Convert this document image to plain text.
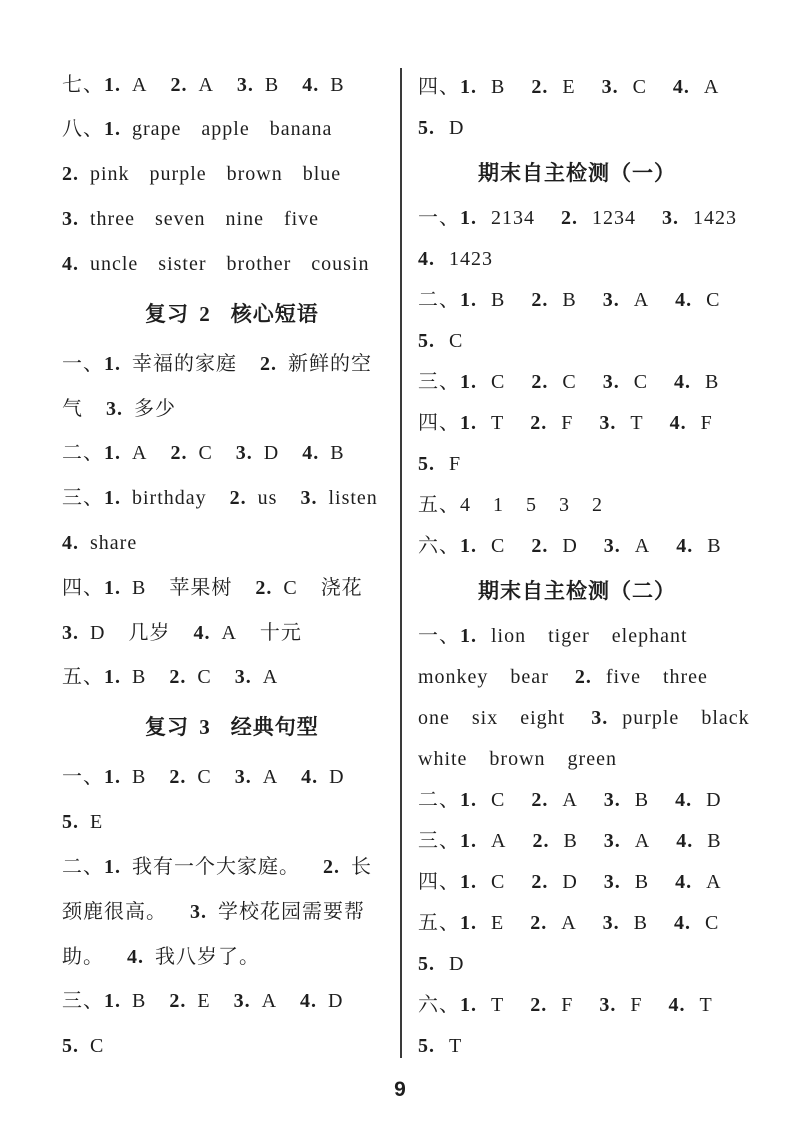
七、1. A 2. A 3. B 4. B
八、1. grape apple banana
2. pink purple brown blue
3. three seven nine five
4. uncle sister brother cousin
复习 2 核心短语
一、1. 幸福的家庭 2. 新鲜的空
气 3. 多少
二、1. A 2. C 3. D 4. B
三、1. birthday 2. us 3. listen
4. share
四、1. B 苹果树 2. C 浇花
3. D 几岁 4. A 十元
五、1. B 2. C 3. A
复习 3 经典句型
一、1. B 2. C 3. A 4. D
5. E
二、1. 我有一个大家庭。 2. 长
颈鹿很高。 3. 学校花园需要帮
助。 4. 我八岁了。
三、1. B 2. E 3. A 4. D
5. C
四、1. B 2. E 3. C 4. A
5. D
期末自主检测（一）
一、1. 2134 2. 1234 3. 1423
4. 1423
二、1. B 2. B 3. A 4. C
5. C
三、1. C 2. C 3. C 4. B
四、1. T 2. F 3. T 4. F
5. F
五、4 1 5 3 2
六、1. C 2. D 3. A 4. B
期末自主检测（二）
一、1. lion tiger elephant
monkey bear 2. five three
one six eight 3. purple black
white brown green
二、1. C 2. A 3. B 4. D
三、1. A 2. B 3. A 4. B
四、1. C 2. D 3. B 4. A
五、1. E 2. A 3. B 4. C
5. D
六、1. T 2. F 3. F 4. T
5. T
9
